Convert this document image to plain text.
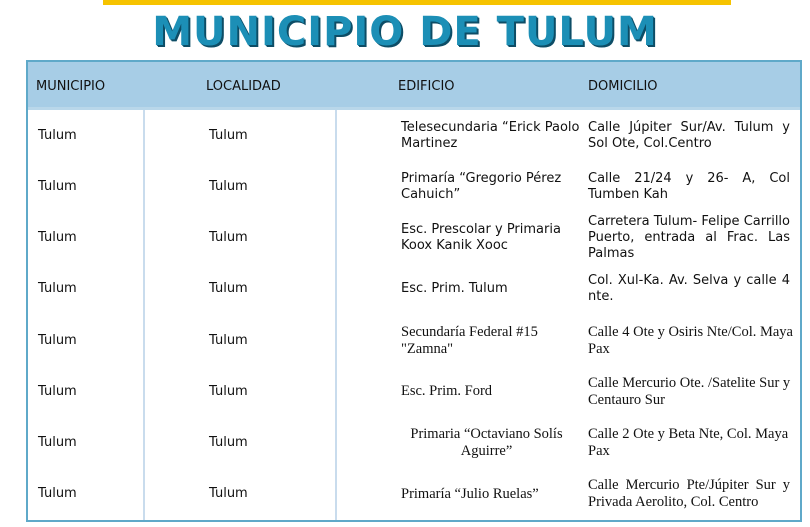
MUNICIPIO DE TULUM
MUNICIPIO	LOCALIDAD	EDIFICIO	DOMICILIO
Tulum	Tulum	Telesecundaria “Erick Paolo Martinez	Calle Júpiter Sur/Av. Tulum y Sol Ote, Col.Centro
Tulum	Tulum	Primaría “Gregorio Pérez Cahuich”	Calle 21/24 y 26- A, Col Tumben Kah
Tulum	Tulum	Esc. Prescolar y Primaria Koox Kanik Xooc	Carretera Tulum- Felipe Carrillo Puerto, entrada al Frac. Las Palmas
Tulum	Tulum	Esc. Prim. Tulum	Col. Xul-Ka. Av. Selva y calle 4 nte.
Tulum	Tulum	Secundaría Federal #15 "Zamna"	Calle 4 Ote y Osiris Nte/Col. Maya Pax
Tulum	Tulum	Esc. Prim. Ford	Calle Mercurio Ote. /Satelite Sur y Centauro Sur
Tulum	Tulum	Primaria “Octaviano Solís Aguirre”	Calle 2 Ote y Beta Nte, Col. Maya Pax
Tulum	Tulum	Primaría “Julio Ruelas”	Calle Mercurio Pte/Júpiter Sur y Privada Aerolito, Col. Centro
